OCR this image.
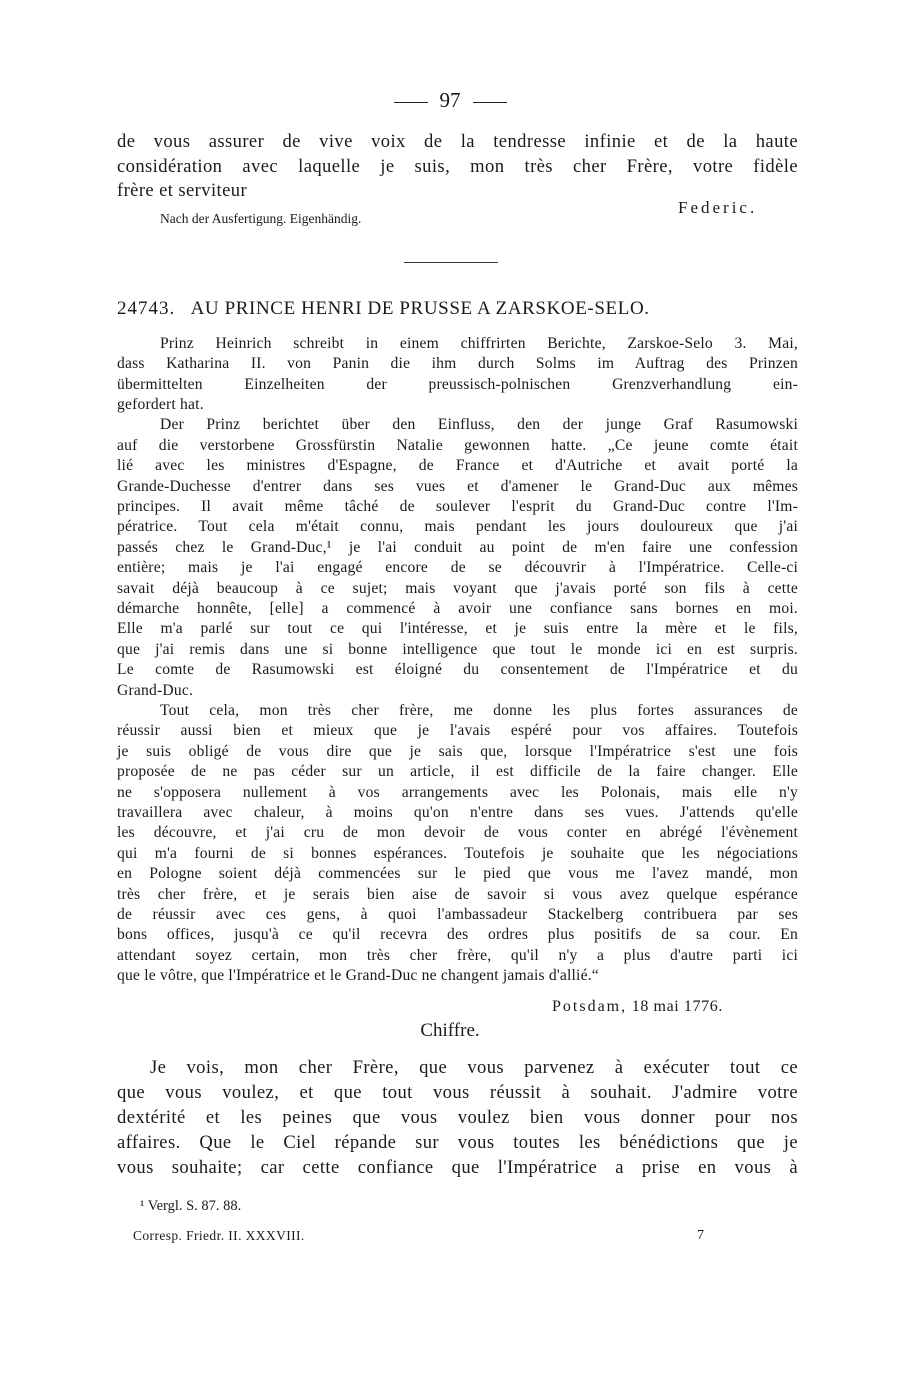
97
de vous assurer de vive voix de la tendresse infinie et de la haute
considération avec laquelle je suis, mon très cher Frère, votre fidèle
frère et serviteur
Federic.
Nach der Ausfertigung. Eigenhändig.
24743. AU PRINCE HENRI DE PRUSSE A ZARSKOE-SELO.
Prinz Heinrich schreibt in einem chiffrirten Berichte, Zarskoe-Selo 3. Mai,
dass Katharina II. von Panin die ihm durch Solms im Auftrag des Prinzen
übermittelten Einzelheiten der preussisch-polnischen Grenzverhandlung ein-
gefordert hat.
Der Prinz berichtet über den Einfluss, den der junge Graf Rasumowski
auf die verstorbene Grossfürstin Natalie gewonnen hatte. „Ce jeune comte était
lié avec les ministres d'Espagne, de France et d'Autriche et avait porté la
Grande-Duchesse d'entrer dans ses vues et d'amener le Grand-Duc aux mêmes
principes. Il avait même tâché de soulever l'esprit du Grand-Duc contre l'Im-
pératrice. Tout cela m'était connu, mais pendant les jours douloureux que j'ai
passés chez le Grand-Duc,¹ je l'ai conduit au point de m'en faire une confession
entière; mais je l'ai engagé encore de se découvrir à l'Impératrice. Celle-ci
savait déjà beaucoup à ce sujet; mais voyant que j'avais porté son fils à cette
démarche honnête, [elle] a commencé à avoir une confiance sans bornes en moi.
Elle m'a parlé sur tout ce qui l'intéresse, et je suis entre la mère et le fils,
que j'ai remis dans une si bonne intelligence que tout le monde ici en est surpris.
Le comte de Rasumowski est éloigné du consentement de l'Impératrice et du
Grand-Duc.
Tout cela, mon très cher frère, me donne les plus fortes assurances de
réussir aussi bien et mieux que je l'avais espéré pour vos affaires. Toutefois
je suis obligé de vous dire que je sais que, lorsque l'Impératrice s'est une fois
proposée de ne pas céder sur un article, il est difficile de la faire changer. Elle
ne s'opposera nullement à vos arrangements avec les Polonais, mais elle n'y
travaillera avec chaleur, à moins qu'on n'entre dans ses vues. J'attends qu'elle
les découvre, et j'ai cru de mon devoir de vous conter en abrégé l'évènement
qui m'a fourni de si bonnes espérances. Toutefois je souhaite que les négociations
en Pologne soient déjà commencées sur le pied que vous me l'avez mandé, mon
très cher frère, et je serais bien aise de savoir si vous avez quelque espérance
de réussir avec ces gens, à quoi l'ambassadeur Stackelberg contribuera par ses
bons offices, jusqu'à ce qu'il recevra des ordres plus positifs de sa cour. En
attendant soyez certain, mon très cher frère, qu'il n'y a plus d'autre parti ici
que le vôtre, que l'Impératrice et le Grand-Duc ne changent jamais d'allié.“
Potsdam, 18 mai 1776.
Chiffre.
Je vois, mon cher Frère, que vous parvenez à exécuter tout ce
que vous voulez, et que tout vous réussit à souhait. J'admire votre
dextérité et les peines que vous voulez bien vous donner pour nos
affaires. Que le Ciel répande sur vous toutes les bénédictions que je
vous souhaite; car cette confiance que l'Impératrice a prise en vous à
¹ Vergl. S. 87. 88.
Corresp. Friedr. II. XXXVIII.	7
